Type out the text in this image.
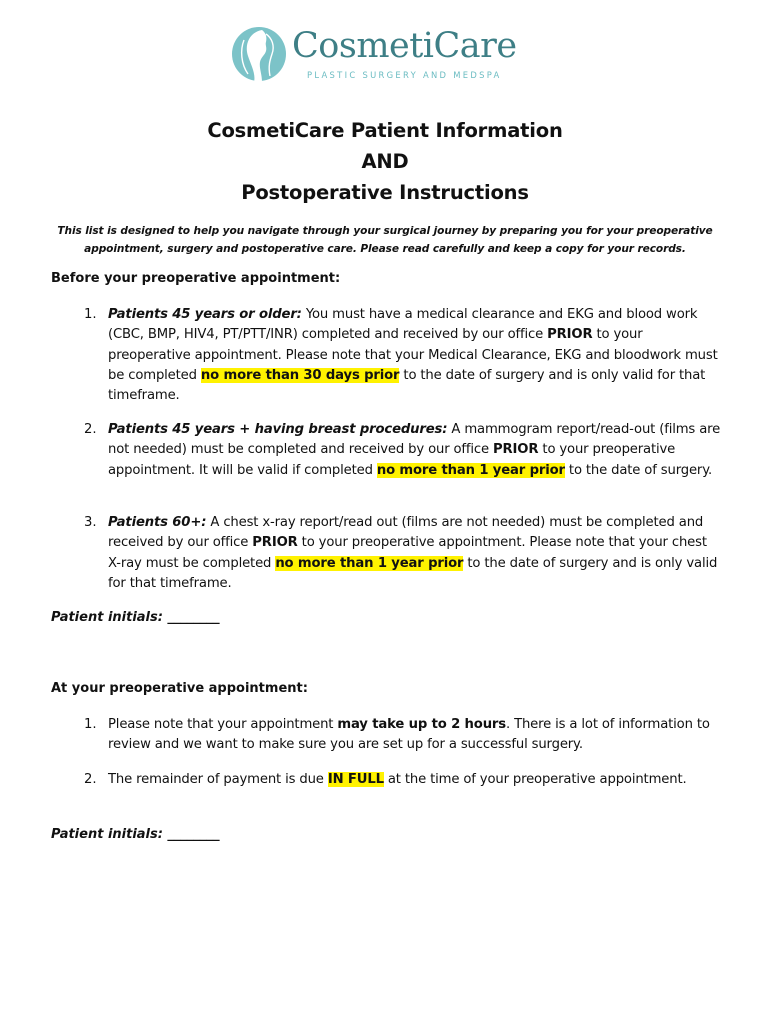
CosmetiCare
PLASTIC SURGERY AND MEDSPA
CosmetiCare Patient Information
AND
Postoperative Instructions
This list is designed to help you navigate through your surgical journey by preparing you for your preoperative
appointment, surgery and postoperative care. Please read carefully and keep a copy for your records.
Before your preoperative appointment:
1. Patients 45 years or older: You must have a medical clearance and EKG and blood work (CBC, BMP, HIV4, PT/PTT/INR) completed and received by our office PRIOR to your preoperative appointment. Please note that your Medical Clearance, EKG and bloodwork must be completed no more than 30 days prior to the date of surgery and is only valid for that timeframe.
2. Patients 45 years + having breast procedures: A mammogram report/read-out (films are not needed) must be completed and received by our office PRIOR to your preoperative appointment. It will be valid if completed no more than 1 year prior to the date of surgery.
3. Patients 60+: A chest x-ray report/read out (films are not needed) must be completed and received by our office PRIOR to your preoperative appointment. Please note that your chest X-ray must be completed no more than 1 year prior to the date of surgery and is only valid for that timeframe.
Patient initials: ________
At your preoperative appointment:
1. Please note that your appointment may take up to 2 hours. There is a lot of information to review and we want to make sure you are set up for a successful surgery.
2. The remainder of payment is due IN FULL at the time of your preoperative appointment.
Patient initials: ________
